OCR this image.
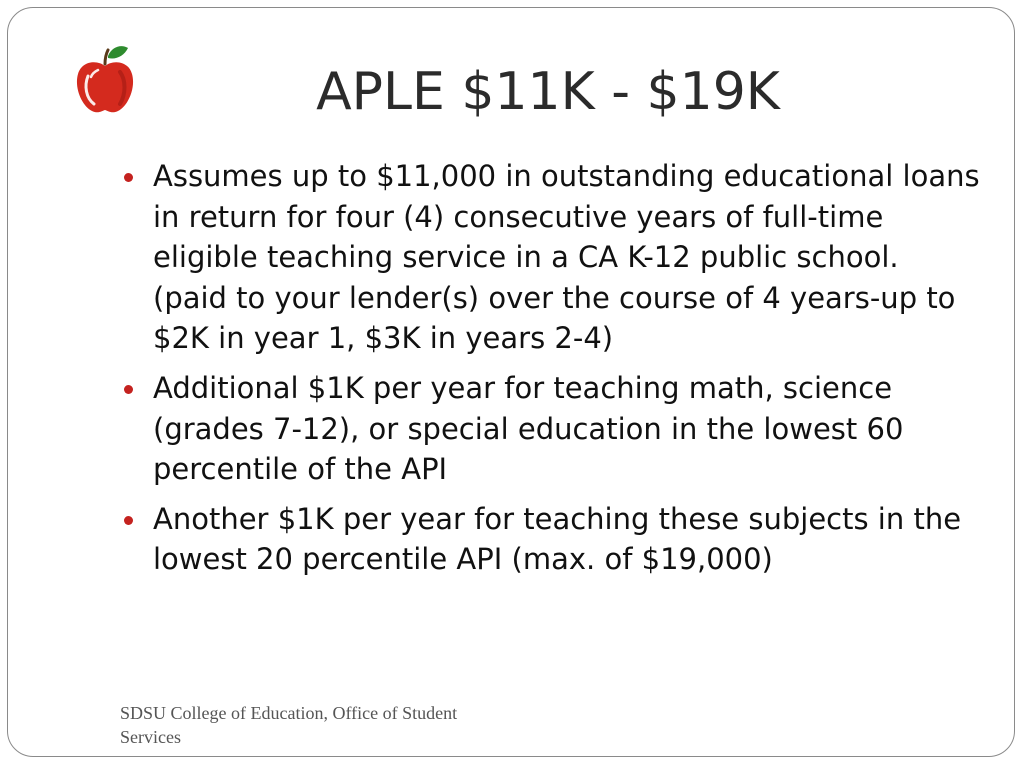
APLE $11K - $19K
Assumes up to $11,000 in outstanding educational loans in return for four (4) consecutive years of full-time eligible teaching service in a CA K-12 public school. (paid to your lender(s) over the course of 4 years-up to $2K in year 1, $3K in years 2-4)
Additional $1K per year for teaching math, science (grades 7-12), or special education in the lowest 60 percentile of the API
Another $1K per year for teaching these subjects in the lowest 20 percentile API (max. of $19,000)
SDSU College of Education, Office of Student Services
